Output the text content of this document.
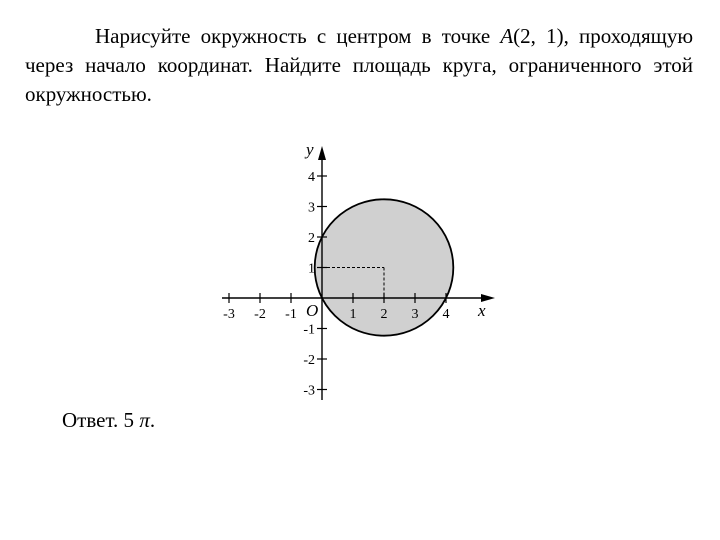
Нарисуйте окружность с центром в точке A(2, 1), проходящую через начало координат. Найдите площадь круга, ограниченного этой окружностью.

-3 -2 -1	1 2 3 4
4
3
2
1
-1
-2
-3
x
y
O
Ответ. 5 π.
